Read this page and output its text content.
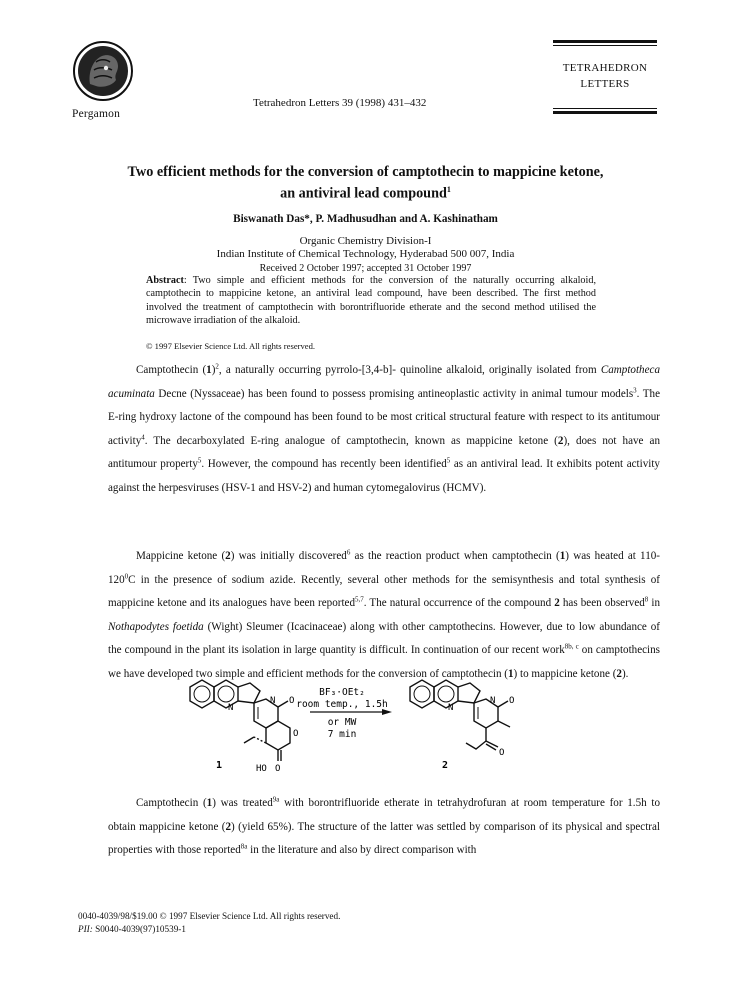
Pergamon
Tetrahedron Letters 39 (1998) 431–432
TETRAHEDRON
LETTERS
Two efficient methods for the conversion of camptothecin to mappicine ketone,
an antiviral lead compound$^1$
Biswanath Das*, P. Madhusudhan and A. Kashinatham
Organic Chemistry Division-I
Indian Institute of Chemical Technology, Hyderabad 500 007, India
Received 2 October 1997; accepted 31 October 1997
Abstract: Two simple and efficient methods for the conversion of the naturally occurring alkaloid, camptothecin to mappicine ketone, an antiviral lead compound, have been described. The first method involved the treatment of camptothecin with borontrifluoride etherate and the second method utilised the microwave irradiation of the alkaloid.
© 1997 Elsevier Science Ltd. All rights reserved.

Camptothecin $(1)^2$, a naturally occurring pyrrolo-[3,4-b]- quinoline alkaloid, originally isolated from Camptotheca acuminata Decne (Nyssaceae) has been found to possess promising antineoplastic activity in animal tumour models$^3$. The E-ring hydroxy lactone of the compound has been found to be most critical structural feature with respect to its antitumour activity$^4$. The decarboxylated E-ring analogue of camptothecin, known as mappicine ketone (2), does not have an antitumour property$^5$. However, the compound has recently been identified$^5$ as an antiviral lead. It exhibits potent activity against the herpesviruses (HSV-1 and HSV-2) and human cytomegalovirus (HCMV).

Mappicine ketone (2) was initially discovered$^6$ as the reaction product when camptothecin (1) was heated at $110-120^0C$ in the presence of sodium azide. Recently, several other methods for the semisynthesis and total synthesis of mappicine ketone and its analogues have been reported$^{5,7}$. The natural occurrence of the compound 2 has been observed$^8$ in Nothapodytes foetida (Wight) Sleumer (Icacinaceae) along with other camptothecins. However, due to low abundance of the compound in the plant its isolation in large quantity is difficult. In continuation of our recent work$^{8b, c}$ on camptothecins we have developed two simple and efficient methods for the conversion of camptothecin (1) to mappicine ketone (2).

N
N O
O
O
HO
1
BF₃·OEt₂
room temp., 1.5h
or MW
7 min
N
N O
O
2

Camptothecin (1) was treated$^{9a}$ with borontrifluoride etherate in tetrahydrofuran at room temperature for 1.5h to obtain mappicine ketone (2) (yield 65%). The structure of the latter was settled by comparison of its physical and spectral properties with those reported$^{8a}$ in the literature and also by direct comparison with

0040-4039/98/$19.00 © 1997 Elsevier Science Ltd. All rights reserved.
PII: S0040-4039(97)10539-1
